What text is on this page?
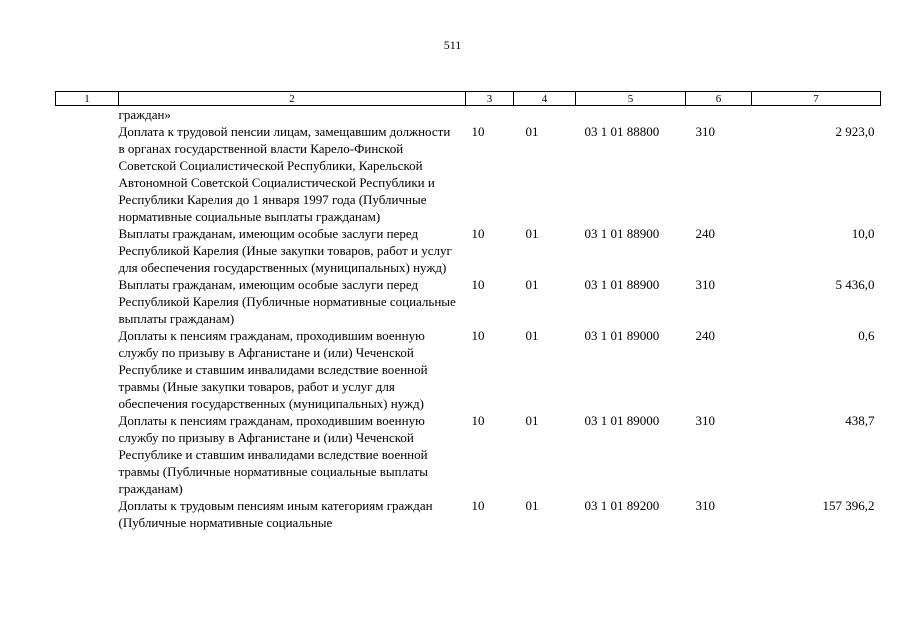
511
1	2	3	4	5	6	7
	граждан»					
	Доплата к трудовой пенсии лицам, замещавшим должности в органах государственной власти Карело-Финской Советской Социалистической Республики, Карельской Автономной Советской Социалистической Республики и Республики Карелия до 1 января 1997 года (Публичные нормативные социальные выплаты гражданам)	10	01	03 1 01 88800	310	2 923,0
	Выплаты гражданам, имеющим особые заслуги перед Республикой Карелия (Иные закупки товаров, работ и услуг для обеспечения государственных (муниципальных) нужд)	10	01	03 1 01 88900	240	10,0
	Выплаты гражданам, имеющим особые заслуги перед Республикой Карелия (Публичные нормативные социальные выплаты гражданам)	10	01	03 1 01 88900	310	5 436,0
	Доплаты к пенсиям гражданам, проходившим военную службу по призыву в Афганистане и (или) Чеченской Республике и ставшим инвалидами вследствие военной травмы (Иные закупки товаров, работ и услуг для обеспечения государственных (муниципальных) нужд)	10	01	03 1 01 89000	240	0,6
	Доплаты к пенсиям гражданам, проходившим военную службу по призыву в Афганистане и (или) Чеченской Республике и ставшим инвалидами вследствие военной травмы (Публичные нормативные социальные выплаты гражданам)	10	01	03 1 01 89000	310	438,7
	Доплаты к трудовым пенсиям иным категориям граждан (Публичные нормативные социальные	10	01	03 1 01 89200	310	157 396,2
